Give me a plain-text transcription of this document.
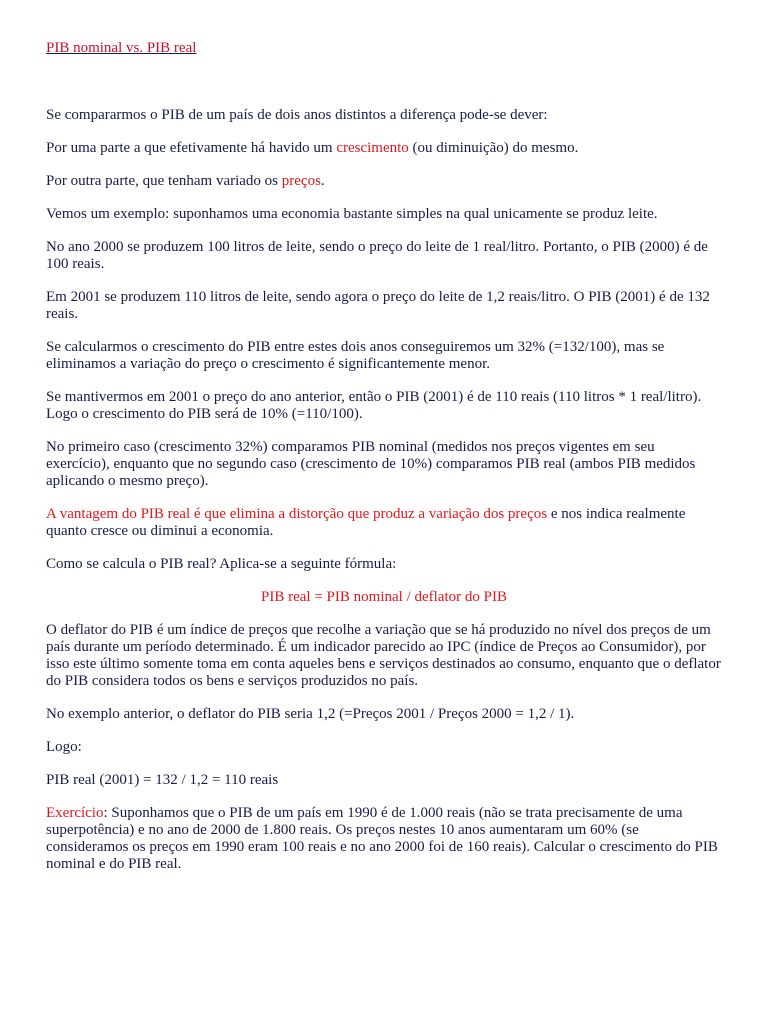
PIB nominal vs. PIB real

Se compararmos o PIB de um país de dois anos distintos a diferença pode-se dever:

Por uma parte a que efetivamente há havido um crescimento (ou diminuição) do mesmo.

Por outra parte, que tenham variado os preços.

Vemos um exemplo: suponhamos uma economia bastante simples na qual unicamente se produz leite.

No ano 2000 se produzem 100 litros de leite, sendo o preço do leite de 1 real/litro. Portanto, o PIB (2000) é de 100 reais.

Em 2001 se produzem 110 litros de leite, sendo agora o preço do leite de 1,2 reais/litro. O PIB (2001) é de 132 reais.

Se calcularmos o crescimento do PIB entre estes dois anos conseguiremos um 32% (=132/100), mas se eliminamos a variação do preço o crescimento é significantemente menor.

Se mantivermos em 2001 o preço do ano anterior, então o PIB (2001) é de 110 reais (110 litros * 1 real/litro). Logo o crescimento do PIB será de 10% (=110/100).

No primeiro caso (crescimento 32%) comparamos PIB nominal (medidos nos preços vigentes em seu exercício), enquanto que no segundo caso (crescimento de 10%) comparamos PIB real (ambos PIB medidos aplicando o mesmo preço).

A vantagem do PIB real é que elimina a distorção que produz a variação dos preços e nos indica realmente quanto cresce ou diminui a economia.

Como se calcula o PIB real? Aplica-se a seguinte fórmula:

PIB real = PIB nominal / deflator do PIB

O deflator do PIB é um índice de preços que recolhe a variação que se há produzido no nível dos preços de um país durante um período determinado. É um indicador parecido ao IPC (índice de Preços ao Consumidor), por isso este último somente toma em conta aqueles bens e serviços destinados ao consumo, enquanto que o deflator do PIB considera todos os bens e serviços produzidos no país.

No exemplo anterior, o deflator do PIB seria 1,2 (=Preços 2001 / Preços 2000 = 1,2 / 1).

Logo:

PIB real (2001) = 132 / 1,2 = 110 reais

Exercício: Suponhamos que o PIB de um país em 1990 é de 1.000 reais (não se trata precisamente de uma superpotência) e no ano de 2000 de 1.800 reais. Os preços nestes 10 anos aumentaram um 60% (se consideramos os preços em 1990 eram 100 reais e no ano 2000 foi de 160 reais). Calcular o crescimento do PIB nominal e do PIB real.
